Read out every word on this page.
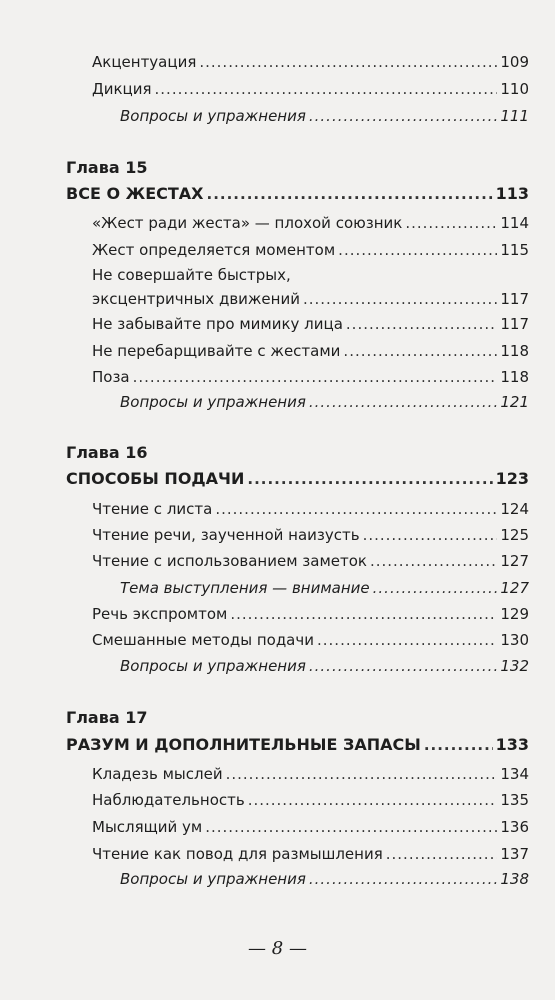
Акцентуация .....	109
Дикция .....	110
Вопросы и упражнения .....	111
Глава 15
ВСЕ О ЖЕСТАХ .....	113
«Жест ради жеста» — плохой союзник .....	114
Жест определяется моментом .....	115
Не совершайте быстрых,
эксцентричных движений .....	117
Не забывайте про мимику лица .....	117
Не перебарщивайте с жестами .....	118
Поза .....	118
Вопросы и упражнения .....	121
Глава 16
СПОСОБЫ ПОДАЧИ .....	123
Чтение с листа .....	124
Чтение речи, заученной наизусть .....	125
Чтение с использованием заметок .....	127
Тема выступления — внимание .....	127
Речь экспромтом .....	129
Смешанные методы подачи .....	130
Вопросы и упражнения .....	132
Глава 17
РАЗУМ И ДОПОЛНИТЕЛЬНЫЕ ЗАПАСЫ .....	133
Кладезь мыслей .....	134
Наблюдательность .....	135
Мыслящий ум .....	136
Чтение как повод для размышления .....	137
Вопросы и упражнения .....	138
— 8 —
